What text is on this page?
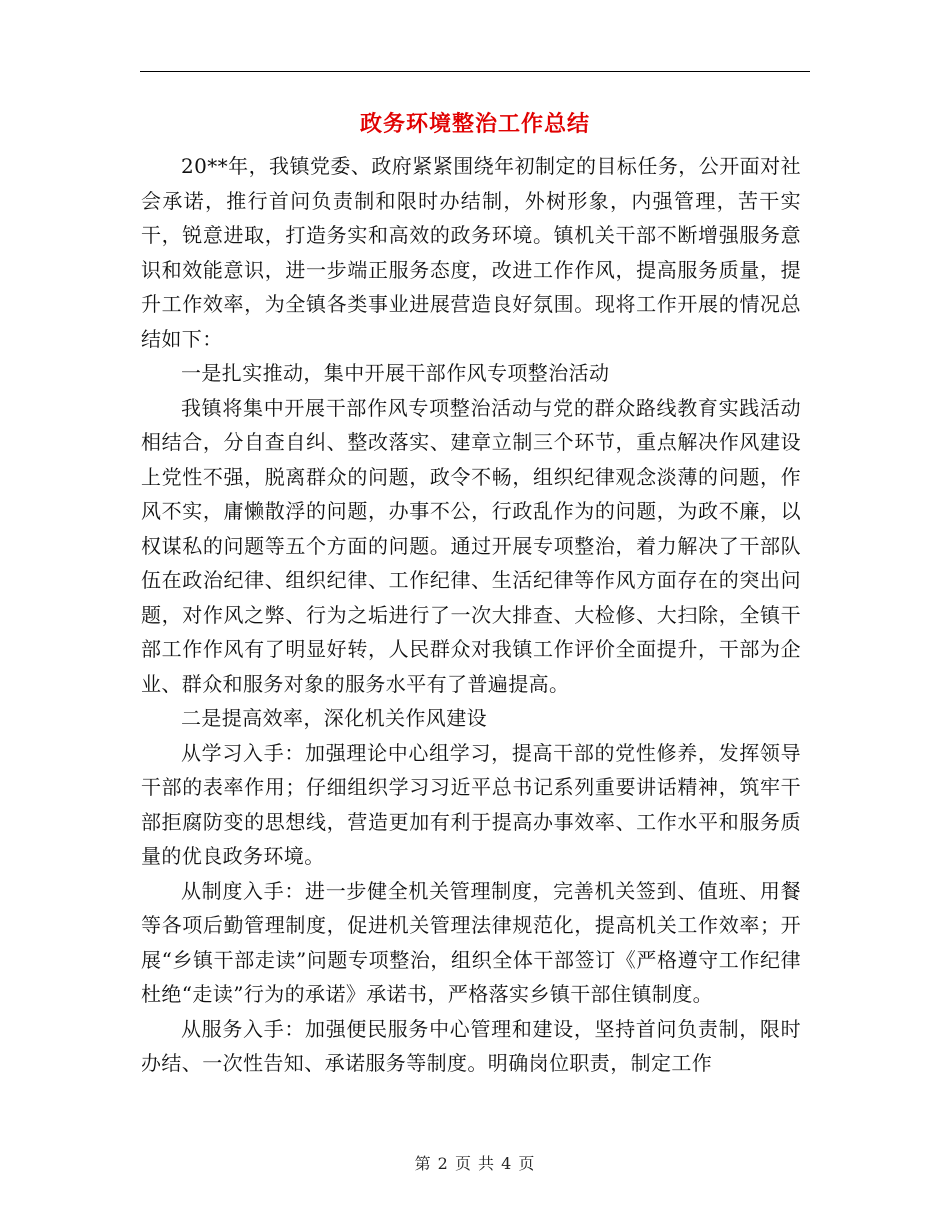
政务环境整治工作总结

20**年，我镇党委、政府紧紧围绕年初制定的目标任务，公开面对社会承诺，推行首问负责制和限时办结制，外树形象，内强管理，苦干实干，锐意进取，打造务实和高效的政务环境。镇机关干部不断增强服务意识和效能意识，进一步端正服务态度，改进工作作风，提高服务质量，提升工作效率，为全镇各类事业进展营造良好氛围。现将工作开展的情况总结如下：

一是扎实推动，集中开展干部作风专项整治活动

我镇将集中开展干部作风专项整治活动与党的群众路线教育实践活动相结合，分自查自纠、整改落实、建章立制三个环节，重点解决作风建设上党性不强，脱离群众的问题，政令不畅，组织纪律观念淡薄的问题，作风不实，庸懒散浮的问题，办事不公，行政乱作为的问题，为政不廉，以权谋私的问题等五个方面的问题。通过开展专项整治，着力解决了干部队伍在政治纪律、组织纪律、工作纪律、生活纪律等作风方面存在的突出问题，对作风之弊、行为之垢进行了一次大排查、大检修、大扫除，全镇干部工作作风有了明显好转，人民群众对我镇工作评价全面提升，干部为企业、群众和服务对象的服务水平有了普遍提高。

二是提高效率，深化机关作风建设

从学习入手：加强理论中心组学习，提高干部的党性修养，发挥领导干部的表率作用；仔细组织学习习近平总书记系列重要讲话精神，筑牢干部拒腐防变的思想线，营造更加有利于提高办事效率、工作水平和服务质量的优良政务环境。

从制度入手：进一步健全机关管理制度，完善机关签到、值班、用餐等各项后勤管理制度，促进机关管理法律规范化，提高机关工作效率；开展“乡镇干部走读”问题专项整治，组织全体干部签订《严格遵守工作纪律杜绝“走读”行为的承诺》承诺书，严格落实乡镇干部住镇制度。

从服务入手：加强便民服务中心管理和建设，坚持首问负责制，限时办结、一次性告知、承诺服务等制度。明确岗位职责，制定工作

第 2 页 共 4 页
